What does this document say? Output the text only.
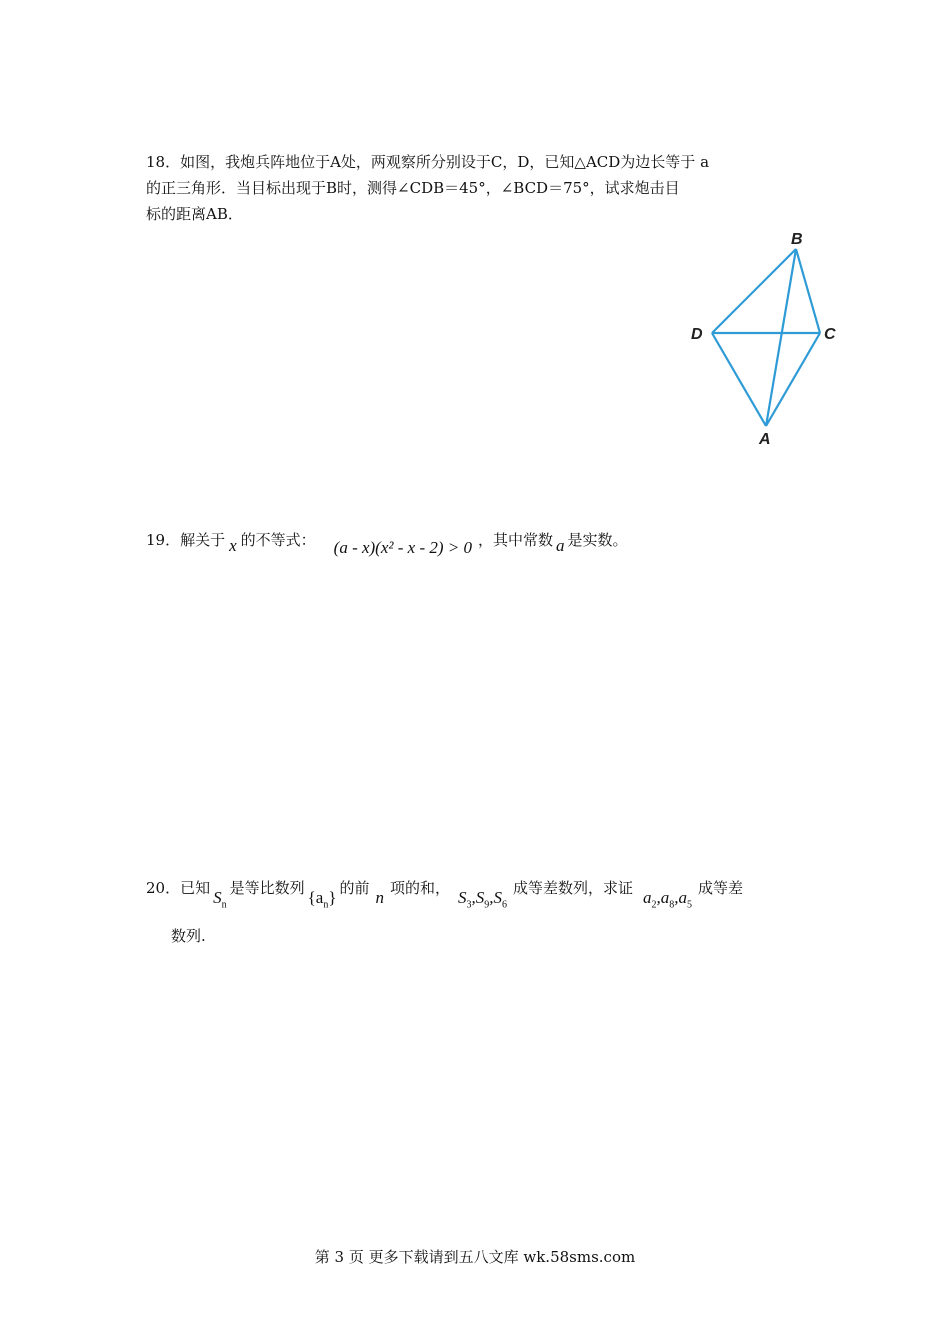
18．如图，我炮兵阵地位于A处，两观察所分别设于C，D，已知△ACD为边长等于 a
的正三角形．当目标出现于B时，测得∠CDB＝45°，∠BCD＝75°，试求炮击目
标的距离AB．
B
D	C
A
19．解关于 x 的不等式： (a - x)(x² - x - 2) > 0 ，其中常数 a 是实数。
20．已知 $S_n$是等比数列 $\{a_n\}$ 的前 n 项的和， $S_3,S_9,S_6$成等差数列，求证 $a_2,a_8,a_5$成等差
数列.
第 3 页 更多下载请到五八文库 wk.58sms.com
